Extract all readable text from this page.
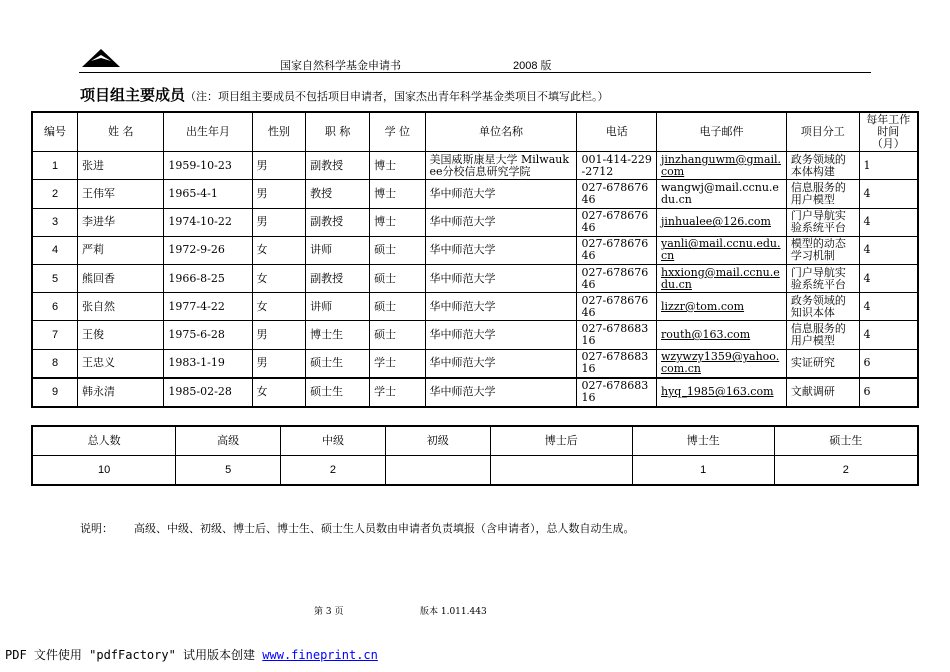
国家自然科学基金申请书	2008 版
项目组主要成员（注：项目组主要成员不包括项目申请者，国家杰出青年科学基金类项目不填写此栏。）
编号	姓 名	出生年月	性别	职 称	学 位	单位名称	电话	电子邮件	项目分工	每年工作时间（月）
1	张进	1959-10-23	男	副教授	博士	美国威斯康星大学 Milwaukee分校信息研究学院	001-414-229-2712	jinzhanguwm@gmail.com	政务领域的本体构建	1
2	王伟军	1965-4-1	男	教授	博士	华中师范大学	027-67867646	wangwj@mail.ccnu.edu.cn	信息服务的用户模型	4
3	李进华	1974-10-22	男	副教授	博士	华中师范大学	027-67867646	jinhualee@126.com	门户导航实验系统平台	4
4	严莉	1972-9-26	女	讲师	硕士	华中师范大学	027-67867646	yanli@mail.ccnu.edu.cn	模型的动态学习机制	4
5	熊回香	1966-8-25	女	副教授	硕士	华中师范大学	027-67867646	hxxiong@mail.ccnu.edu.cn	门户导航实验系统平台	4
6	张自然	1977-4-22	女	讲师	硕士	华中师范大学	027-67867646	lizzr@tom.com	政务领域的知识本体	4
7	王俊	1975-6-28	男	博士生	硕士	华中师范大学	027-67868316	routh@163.com	信息服务的用户模型	4
8	王忠义	1983-1-19	男	硕士生	学士	华中师范大学	027-67868316	wzywzy1359@yahoo.com.cn	实证研究	6
9	韩永清	1985-02-28	女	硕士生	学士	华中师范大学	027-67868316	hyq_1985@163.com	文献调研	6
总人数	高级	中级	初级	博士后	博士生	硕士生
10	5	2			1	2
说明： 高级、中级、初级、博士后、博士生、硕士生人员数由申请者负责填报（含申请者），总人数自动生成。
第 3 页	版本 1.011.443
PDF 文件使用 "pdfFactory" 试用版本创建 www.fineprint.cn
